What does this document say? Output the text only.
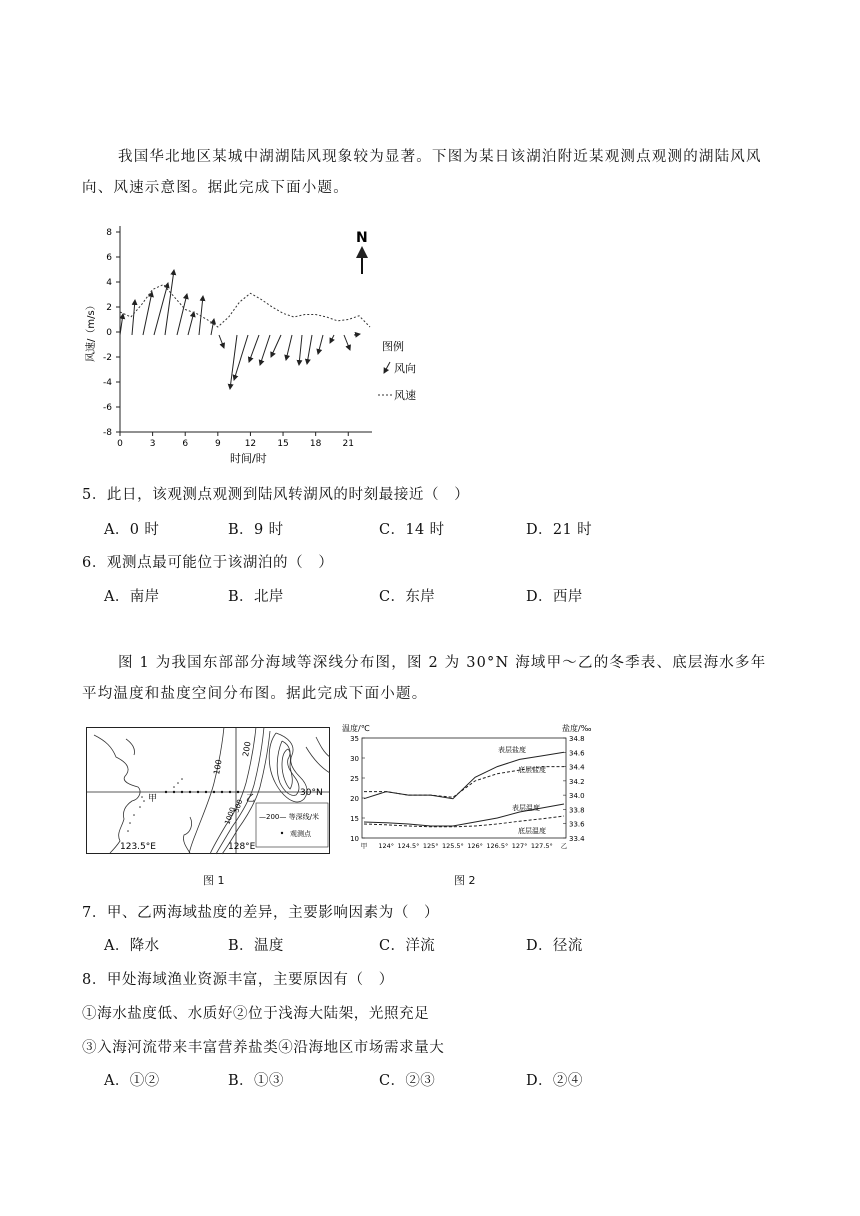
我国华北地区某城中湖湖陆风现象较为显著。下图为某日该湖泊附近某观测点观测的湖陆风风向、风速示意图。据此完成下面小题。

8
6
4
2
0
-2
-4
-6
-8
0	3	6	9	12 15 18 21
风速/（m/s）
时间/时
N
图例
风向
风速
5．此日，该观测点观测到陆风转湖风的时刻最接近（　）
A．0 时	B．9 时	C．14 时	D．21 时
6．观测点最可能位于该湖泊的（　）
A．南岸	B．北岸	C．东岸	D．西岸

图 1 为我国东部部分海域等深线分布图，图 2 为 30°N 海域甲～乙的冬季表、底层海水多年平均温度和盐度空间分布图。据此完成下面小题。

甲	乙
30°N
100
200
1000
500
123.5°E	128°E
—200— 等深线/米
观测点
图 1
温度/℃	盐度/‰
35
30
25
20
15
10
34.8
34.6
34.4
34.2
34.0
33.8
33.6
33.4
甲 124° 124.5° 125° 125.5° 126° 126.5° 127° 127.5° 乙
表层盐度
底层盐度
表层温度
底层温度
图 2
7．甲、乙两海域盐度的差异，主要影响因素为（　）
A．降水	B．温度	C．洋流	D．径流
8．甲处海域渔业资源丰富，主要原因有（　）
①海水盐度低、水质好②位于浅海大陆架，光照充足
③入海河流带来丰富营养盐类④沿海地区市场需求量大
A．①②	B．①③	C．②③	D．②④
